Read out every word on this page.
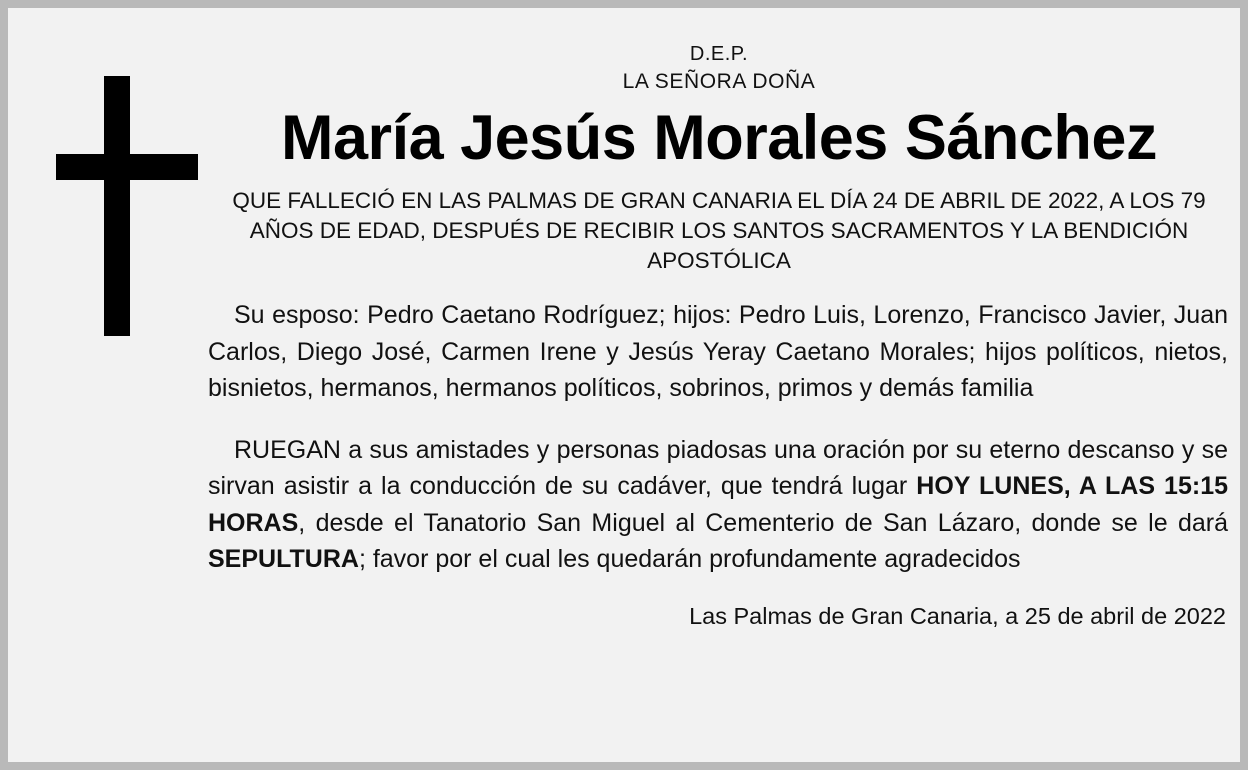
D.E.P.
LA SEÑORA DOÑA
María Jesús Morales Sánchez
QUE FALLECIÓ EN LAS PALMAS DE GRAN CANARIA EL DÍA 24 DE ABRIL DE 2022, A LOS 79 AÑOS DE EDAD, DESPUÉS DE RECIBIR LOS SANTOS SACRAMENTOS Y LA BENDICIÓN APOSTÓLICA
Su esposo: Pedro Caetano Rodríguez; hijos: Pedro Luis, Lorenzo, Francisco Javier, Juan Carlos, Diego José, Carmen Irene y Jesús Yeray Caetano Morales; hijos políticos, nietos, bisnietos, hermanos, hermanos políticos, sobrinos, primos y demás familia
RUEGAN a sus amistades y personas piadosas una oración por su eterno descanso y se sirvan asistir a la conducción de su cadáver, que tendrá lugar HOY LUNES, A LAS 15:15 HORAS, desde el Tanatorio San Miguel al Cementerio de San Lázaro, donde se le dará SEPULTURA; favor por el cual les quedarán profundamente agradecidos
Las Palmas de Gran Canaria, a 25 de abril de 2022
